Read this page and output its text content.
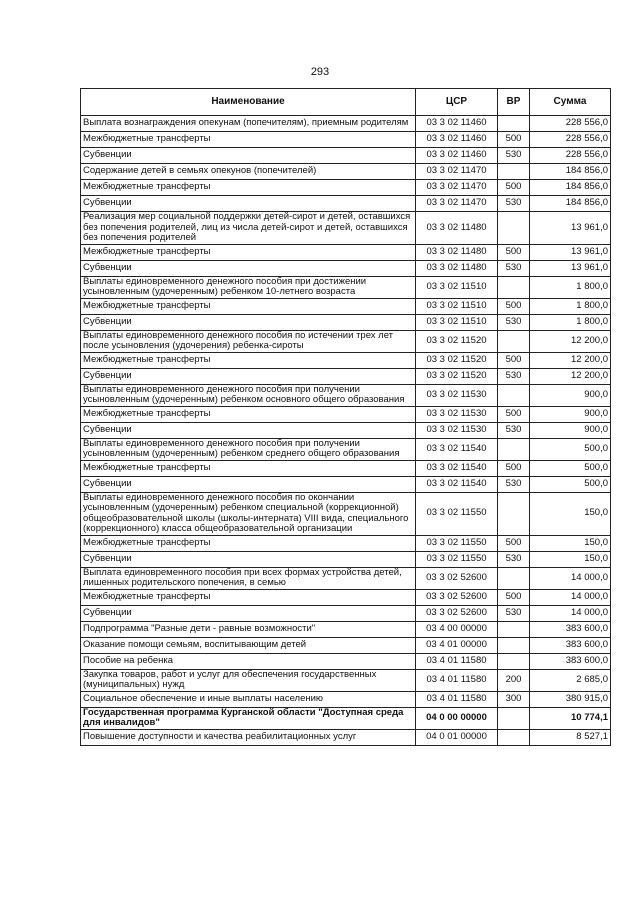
293
Наименование	ЦСР	ВР	Сумма
Выплата вознаграждения опекунам (попечителям), приемным родителям	03 3 02 11460		228 556,0
Межбюджетные трансферты	03 3 02 11460	500	228 556,0
Субвенции	03 3 02 11460	530	228 556,0
Содержание детей в семьях опекунов (попечителей)	03 3 02 11470		184 856,0
Межбюджетные трансферты	03 3 02 11470	500	184 856,0
Субвенции	03 3 02 11470	530	184 856,0
Реализация мер социальной поддержки детей-сирот и детей, оставшихся без попечения родителей, лиц из числа детей-сирот и детей, оставшихся без попечения родителей	03 3 02 11480		13 961,0
Межбюджетные трансферты	03 3 02 11480	500	13 961,0
Субвенции	03 3 02 11480	530	13 961,0
Выплаты единовременного денежного пособия при достижении усыновленным (удочеренным) ребенком 10-летнего возраста	03 3 02 11510		1 800,0
Межбюджетные трансферты	03 3 02 11510	500	1 800,0
Субвенции	03 3 02 11510	530	1 800,0
Выплаты единовременного денежного пособия по истечении трех лет после усыновления (удочерения) ребенка-сироты	03 3 02 11520		12 200,0
Межбюджетные трансферты	03 3 02 11520	500	12 200,0
Субвенции	03 3 02 11520	530	12 200,0
Выплаты единовременного денежного пособия при получении усыновленным (удочеренным) ребенком основного общего образования	03 3 02 11530		900,0
Межбюджетные трансферты	03 3 02 11530	500	900,0
Субвенции	03 3 02 11530	530	900,0
Выплаты единовременного денежного пособия при получении усыновленным (удочеренным) ребенком среднего общего образования	03 3 02 11540		500,0
Межбюджетные трансферты	03 3 02 11540	500	500,0
Субвенции	03 3 02 11540	530	500,0
Выплаты единовременного денежного пособия по окончании усыновленным (удочеренным) ребенком специальной (коррекционной) общеобразовательной школы (школы-интерната) VIII вида, специального (коррекционного) класса общеобразовательной организации	03 3 02 11550		150,0
Межбюджетные трансферты	03 3 02 11550	500	150,0
Субвенции	03 3 02 11550	530	150,0
Выплата единовременного пособия при всех формах устройства детей, лишенных родительского попечения, в семью	03 3 02 52600		14 000,0
Межбюджетные трансферты	03 3 02 52600	500	14 000,0
Субвенции	03 3 02 52600	530	14 000,0
Подпрограмма "Разные дети - равные возможности"	03 4 00 00000		383 600,0
Оказание помощи семьям, воспитывающим детей	03 4 01 00000		383 600,0
Пособие на ребенка	03 4 01 11580		383 600,0
Закупка товаров, работ и услуг для обеспечения государственных (муниципальных) нужд	03 4 01 11580	200	2 685,0
Социальное обеспечение и иные выплаты населению	03 4 01 11580	300	380 915,0
Государственная программа Курганской области "Доступная среда для инвалидов"	04 0 00 00000		10 774,1
Повышение доступности и качества реабилитационных услуг	04 0 01 00000		8 527,1
